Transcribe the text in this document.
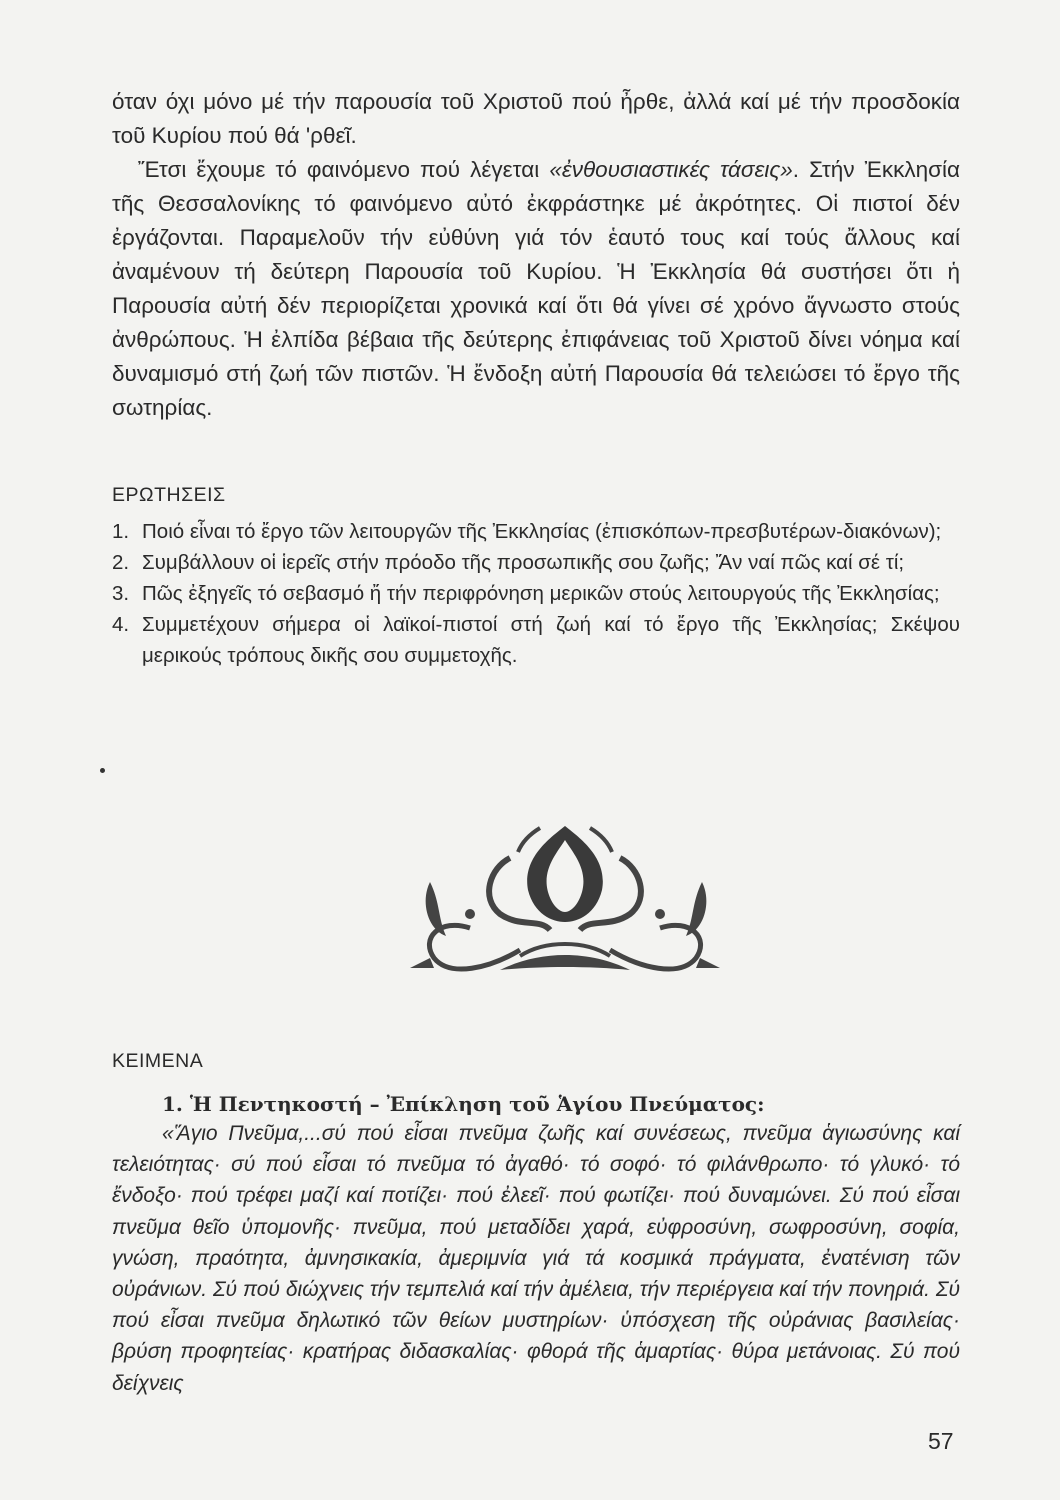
όταν όχι μόνο μέ τήν παρουσία τοῦ Χριστοῦ πού ἦρθε, ἀλλά καί μέ τήν προσδοκία τοῦ Κυρίου πού θά 'ρθεῖ.

Ἔτσι ἔχουμε τό φαινόμενο πού λέγεται «ἐνθουσιαστικές τάσεις». Στήν Ἐκκλησία τῆς Θεσσαλονίκης τό φαινόμενο αὐτό ἐκφράστηκε μέ ἀκρότητες. Οἱ πιστοί δέν ἐργάζονται. Παραμελοῦν τήν εὐθύνη γιά τόν ἑαυτό τους καί τούς ἄλλους καί ἀναμένουν τή δεύτερη Παρουσία τοῦ Κυρίου. Ἡ Ἐκκλησία θά συστήσει ὅτι ἡ Παρουσία αὐτή δέν περιορίζεται χρονικά καί ὅτι θά γίνει σέ χρόνο ἄγνωστο στούς ἀνθρώπους. Ἡ ἐλπίδα βέβαια τῆς δεύτερης ἐπιφάνειας τοῦ Χριστοῦ δίνει νόημα καί δυναμισμό στή ζωή τῶν πιστῶν. Ἡ ἔνδοξη αὐτή Παρουσία θά τελειώσει τό ἔργο τῆς σωτηρίας.

ΕΡΩΤΗΣΕΙΣ
1. Ποιό εἶναι τό ἔργο τῶν λειτουργῶν τῆς Ἐκκλησίας (ἐπισκόπων-πρεσβυτέρων-διακόνων);
2. Συμβάλλουν οἱ ἱερεῖς στήν πρόοδο τῆς προσωπικῆς σου ζωῆς; Ἄν ναί πῶς καί σέ τί;
3. Πῶς ἐξηγεῖς τό σεβασμό ἤ τήν περιφρόνηση μερικῶν στούς λειτουργούς τῆς Ἐκκλησίας;
4. Συμμετέχουν σήμερα οἱ λαϊκοί-πιστοί στή ζωή καί τό ἔργο τῆς Ἐκκλησίας; Σκέψου μερικούς τρόπους δικῆς σου συμμετοχῆς.
ΚΕΙΜΕΝΑ
1. Ἡ Πεντηκοστή – Ἐπίκληση τοῦ Ἁγίου Πνεύματος:

«Ἅγιο Πνεῦμα,...σύ πού εἶσαι πνεῦμα ζωῆς καί συνέσεως, πνεῦμα ἁγιωσύνης καί τελειότητας· σύ πού εἶσαι τό πνεῦμα τό ἀγαθό· τό σοφό· τό φιλάνθρωπο· τό γλυκό· τό ἔνδοξο· πού τρέφει μαζί καί ποτίζει· πού ἐλεεῖ· πού φωτίζει· πού δυναμώνει. Σύ πού εἶσαι πνεῦμα θεῖο ὑπομονῆς· πνεῦμα, πού μεταδίδει χαρά, εὐφροσύνη, σωφροσύνη, σοφία, γνώση, πραότητα, ἀμνησικακία, ἀμεριμνία γιά τά κοσμικά πράγματα, ἐνατένιση τῶν οὐράνιων. Σύ πού διώχνεις τήν τεμπελιά καί τήν ἀμέλεια, τήν περιέργεια καί τήν πονηριά. Σύ πού εἶσαι πνεῦμα δηλωτικό τῶν θείων μυστηρίων· ὑπόσχεση τῆς οὐράνιας βασιλείας· βρύση προφητείας· κρατήρας διδασκαλίας· φθορά τῆς ἁμαρτίας· θύρα μετάνοιας. Σύ πού δείχνεις

57
